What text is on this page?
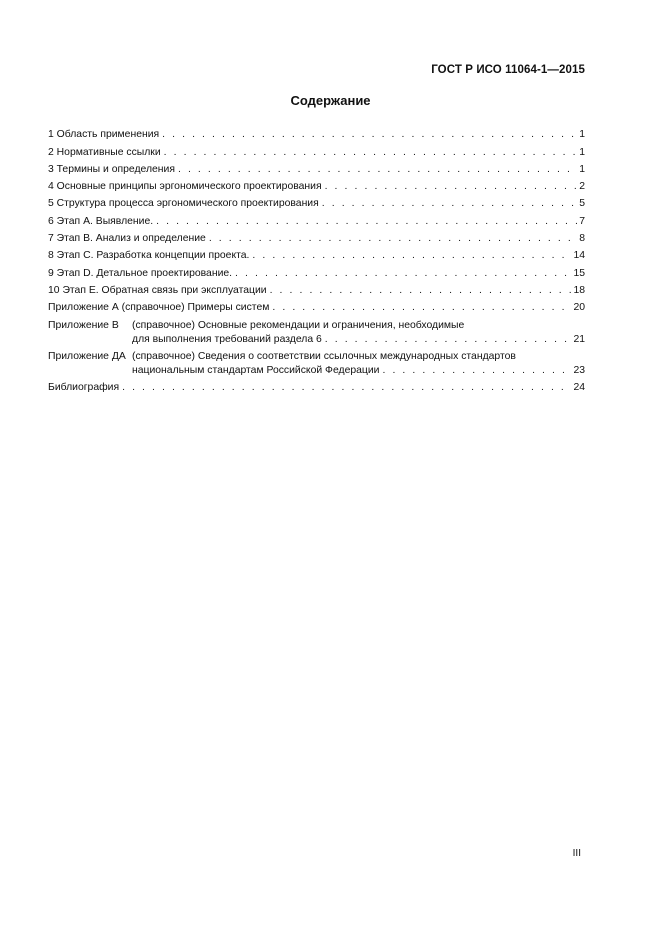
ГОСТ Р ИСО 11064-1—2015
Содержание
1 Область применения . . .	1
2 Нормативные ссылки . . .	1
3 Термины и определения . . .	1
4 Основные принципы эргономического проектирования . . .	2
5 Структура процесса эргономического проектирования . . .	5
6 Этап А. Выявление. . . .	7
7 Этап В. Анализ и определение . . .	8
8 Этап С. Разработка концепции проекта. . . .	14
9 Этап D. Детальное проектирование. . . .	15
10 Этап Е. Обратная связь при эксплуатации . . .	18
Приложение А (справочное) Примеры систем . . .	20
Приложение В	(справочное) Основные рекомендации и ограничения, необходимые
для выполнения требований раздела 6 . . .	21
Приложение ДА (справочное) Сведения о соответствии ссылочных международных стандартов
национальным стандартам Российской Федерации . . .	23
Библиография . . .	24
III
